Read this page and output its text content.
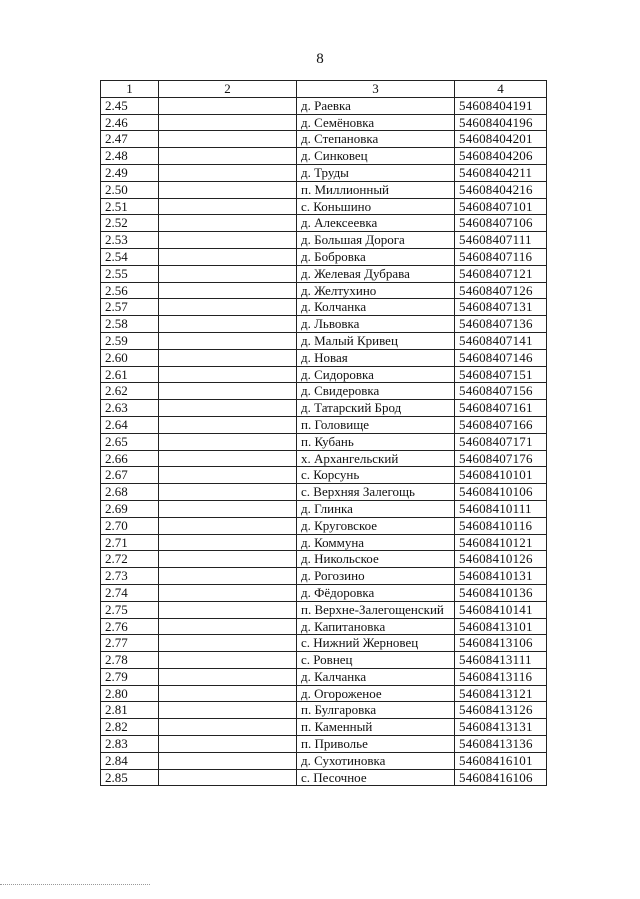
8
1	2	3	4
2.45		д. Раевка	54608404191
2.46		д. Семёновка	54608404196
2.47		д. Степановка	54608404201
2.48		д. Синковец	54608404206
2.49		д. Труды	54608404211
2.50		п. Миллионный	54608404216
2.51		с. Коньшино	54608407101
2.52		д. Алексеевка	54608407106
2.53		д. Большая Дорога	54608407111
2.54		д. Бобровка	54608407116
2.55		д. Желевая Дубрава	54608407121
2.56		д. Желтухино	54608407126
2.57		д. Колчанка	54608407131
2.58		д. Львовка	54608407136
2.59		д. Малый Кривец	54608407141
2.60		д. Новая	54608407146
2.61		д. Сидоровка	54608407151
2.62		д. Свидеровка	54608407156
2.63		д. Татарский Брод	54608407161
2.64		п. Головище	54608407166
2.65		п. Кубань	54608407171
2.66		х. Архангельский	54608407176
2.67		с. Корсунь	54608410101
2.68		с. Верхняя Залегощь	54608410106
2.69		д. Глинка	54608410111
2.70		д. Круговское	54608410116
2.71		д. Коммуна	54608410121
2.72		д. Никольское	54608410126
2.73		д. Рогозино	54608410131
2.74		д. Фёдоровка	54608410136
2.75		п. Верхне-Залегощенский	54608410141
2.76		д. Капитановка	54608413101
2.77		с. Нижний Жерновец	54608413106
2.78		с. Ровнец	54608413111
2.79		д. Калчанка	54608413116
2.80		д. Огороженое	54608413121
2.81		п. Булгаровка	54608413126
2.82		п. Каменный	54608413131
2.83		п. Приволье	54608413136
2.84		д. Сухотиновка	54608416101
2.85		с. Песочное	54608416106
